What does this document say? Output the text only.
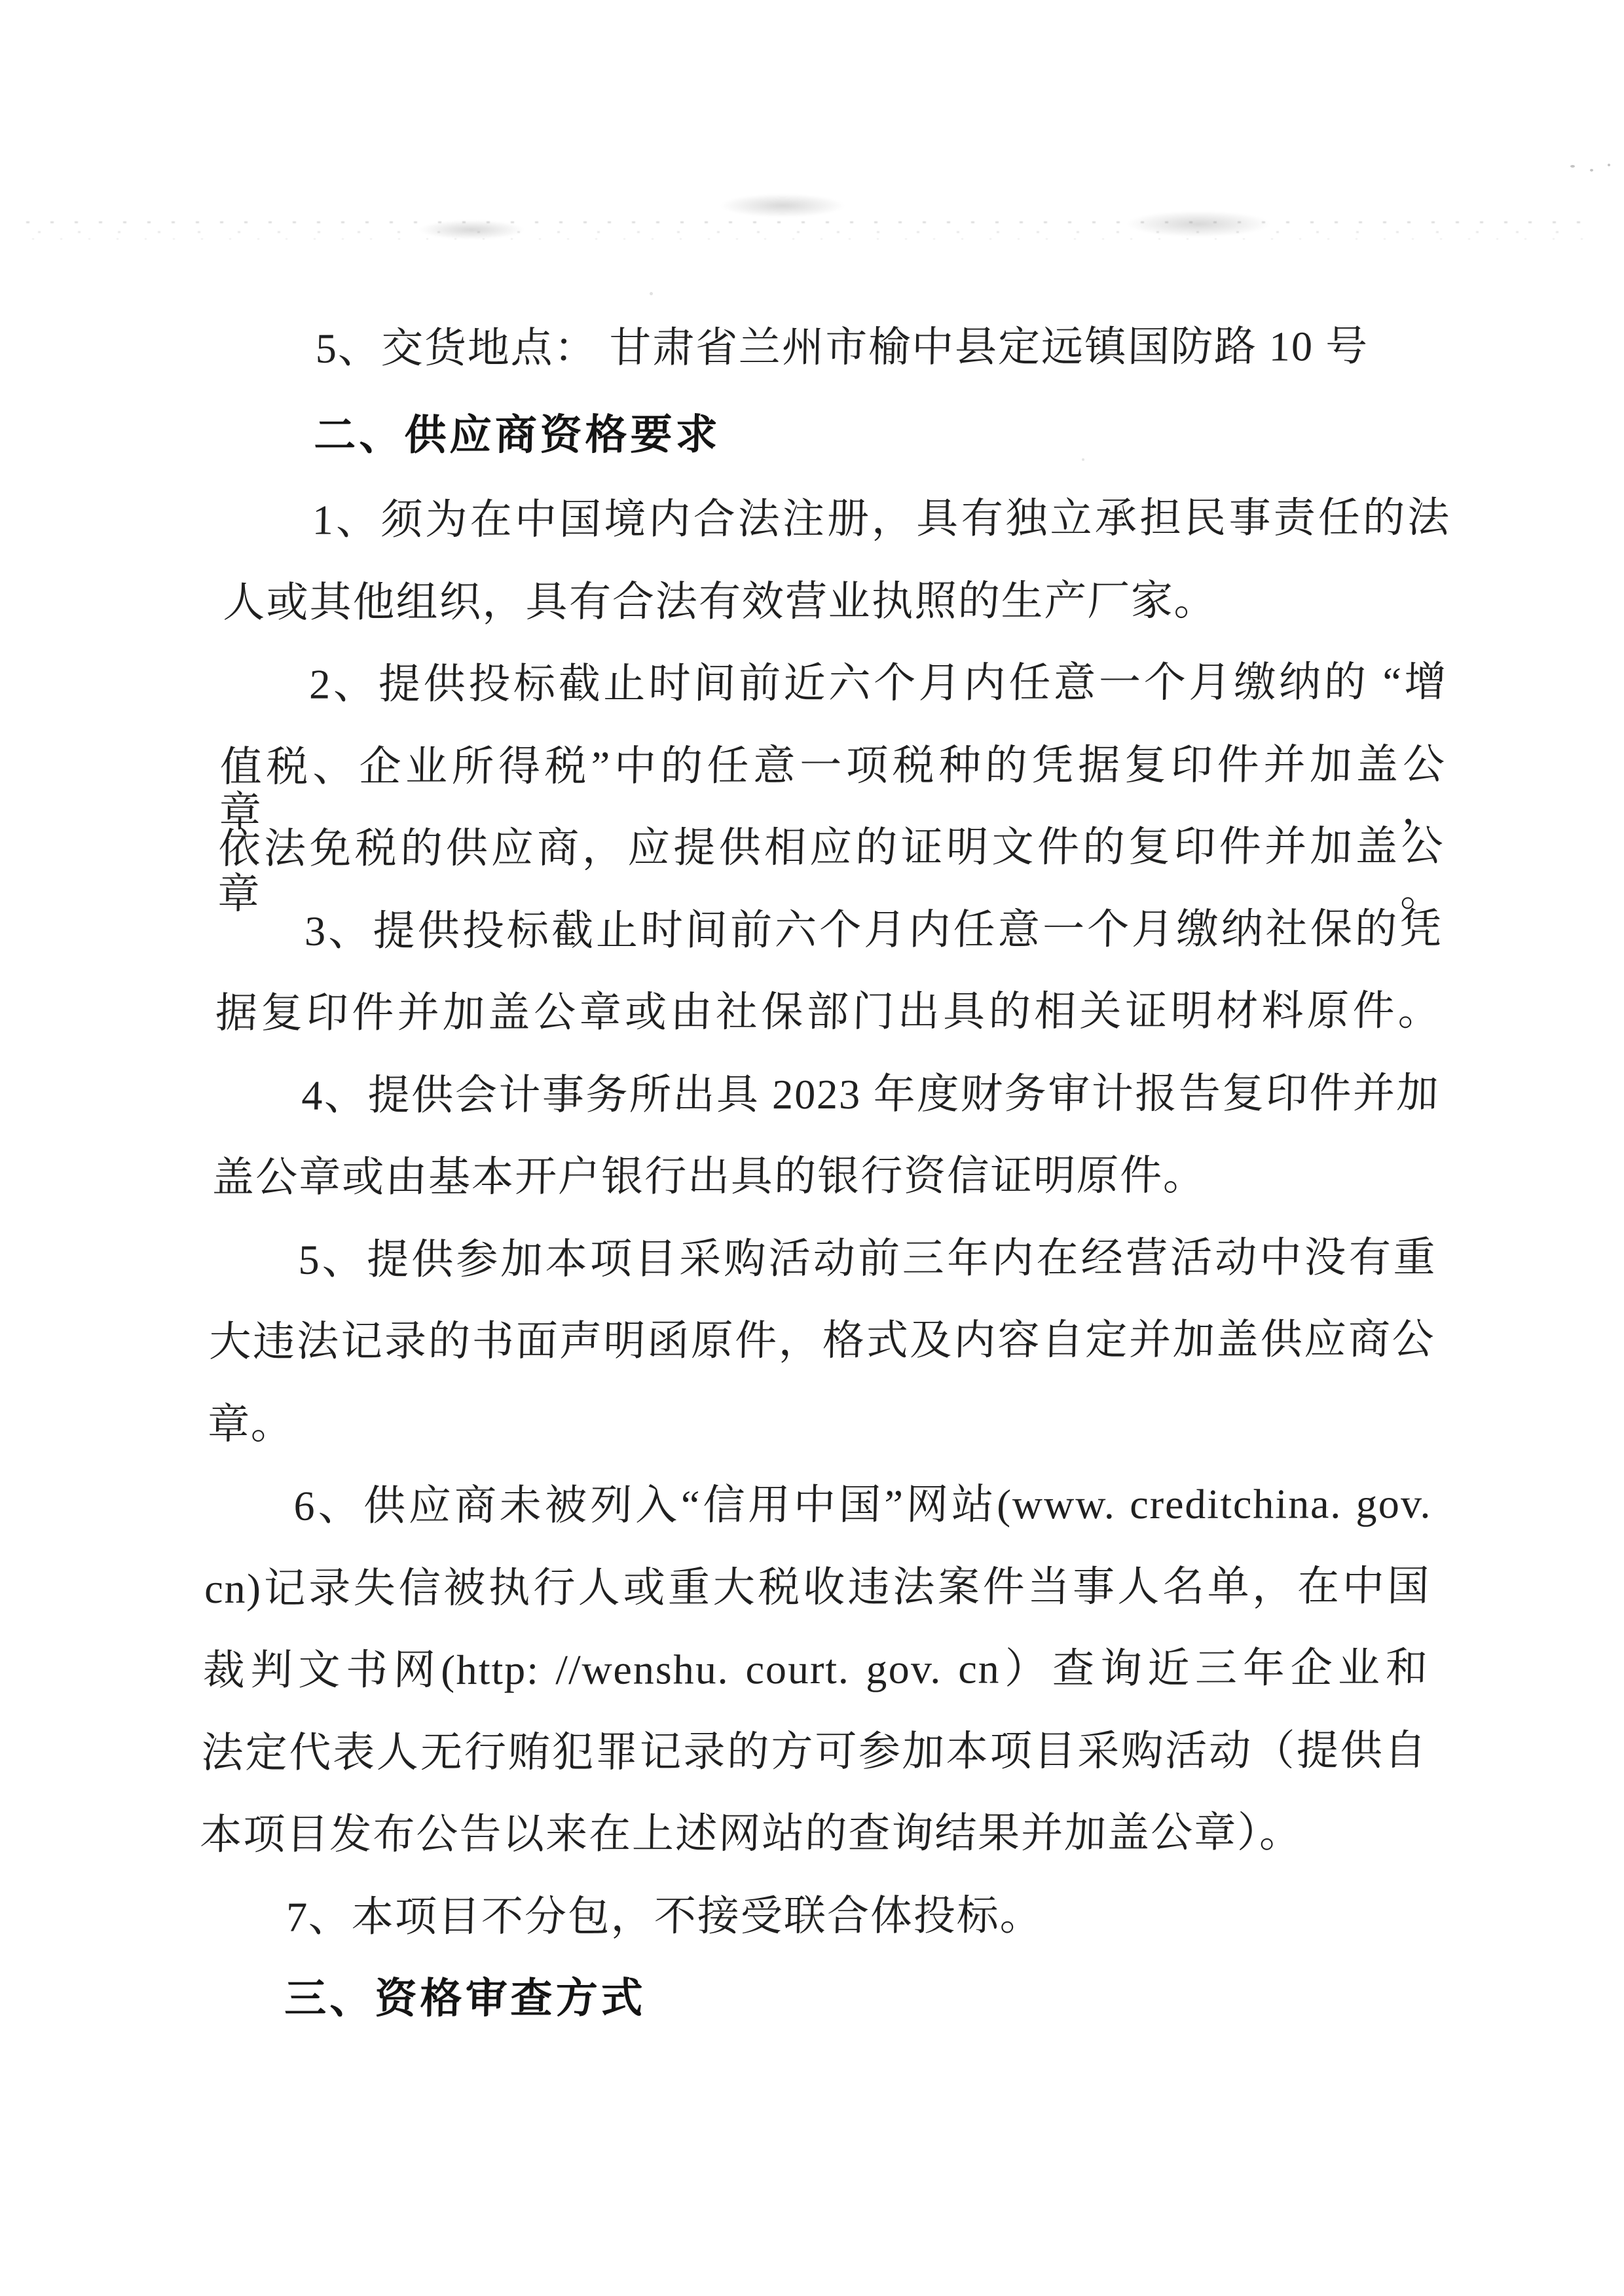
5、交货地点： 甘肃省兰州市榆中县定远镇国防路 10 号
二、供应商资格要求
1、须为在中国境内合法注册，具有独立承担民事责任的法
人或其他组织，具有合法有效营业执照的生产厂家。
2、提供投标截止时间前近六个月内任意一个月缴纳的 “增
值税、企业所得税”中的任意一项税种的凭据复印件并加盖公章，
依法免税的供应商，应提供相应的证明文件的复印件并加盖公章。
3、提供投标截止时间前六个月内任意一个月缴纳社保的凭
据复印件并加盖公章或由社保部门出具的相关证明材料原件。
4、提供会计事务所出具 2023 年度财务审计报告复印件并加
盖公章或由基本开户银行出具的银行资信证明原件。
5、提供参加本项目采购活动前三年内在经营活动中没有重
大违法记录的书面声明函原件，格式及内容自定并加盖供应商公
章。
6、供应商未被列入“信用中国”网站(www. creditchina. gov.
cn)记录失信被执行人或重大税收违法案件当事人名单，在中国
裁判文书网(http: //wenshu. court. gov. cn）查询近三年企业和
法定代表人无行贿犯罪记录的方可参加本项目采购活动（提供自
本项目发布公告以来在上述网站的查询结果并加盖公章）。
7、本项目不分包，不接受联合体投标。
三、资格审查方式
